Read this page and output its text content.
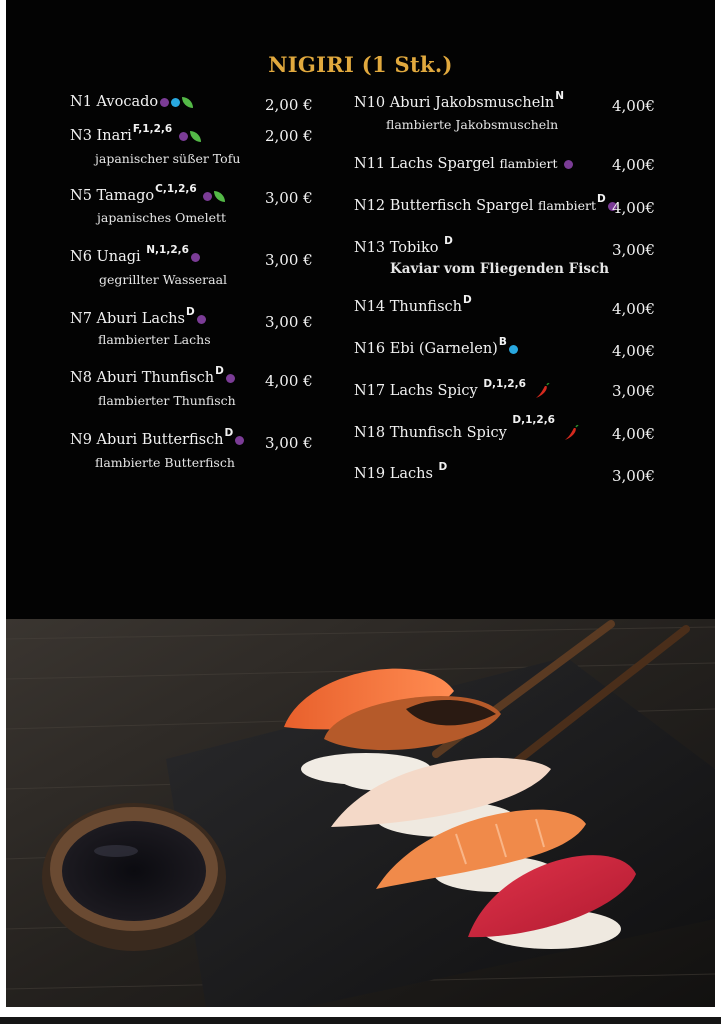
NIGIRI (1 Stk.)
N1 Avocado	2,00 €
N3 Inari$^{F,1,2,6}$
japanischer süßer Tofu
2,00 €
N5 Tamago$^{C,1,2,6}$
japanisches Omelett
3,00 €
N6 Unagi $^{N,1,2,6}$
gegrillter Wasseraal
3,00 €
N7 Aburi Lachs$^D$
flambierter Lachs
3,00 €
N8 Aburi Thunfisch$^D$
flambierter Thunfisch
4,00 €
N9 Aburi Butterfisch$^D$
flambierte Butterfisch
3,00 €
N10 Aburi Jakobsmuscheln$^N$
flambierte Jakobsmuscheln
4,00€
N11 Lachs Spargel flambiert	4,00€
N12 Butterfisch Spargel flambiert$^D$ 4,00€
N13 Tobiko $^D$
Kaviar vom Fliegenden Fisch
3,00€
N14 Thunfisch$^D$	4,00€
N16 Ebi (Garnelen)$^B$	4,00€
N17 Lachs Spicy $^{D,1,2,6}$	3,00€
N18 Thunfisch Spicy $^{D,1,2,6}$
4,00€
N19 Lachs $^D$	3,00€
